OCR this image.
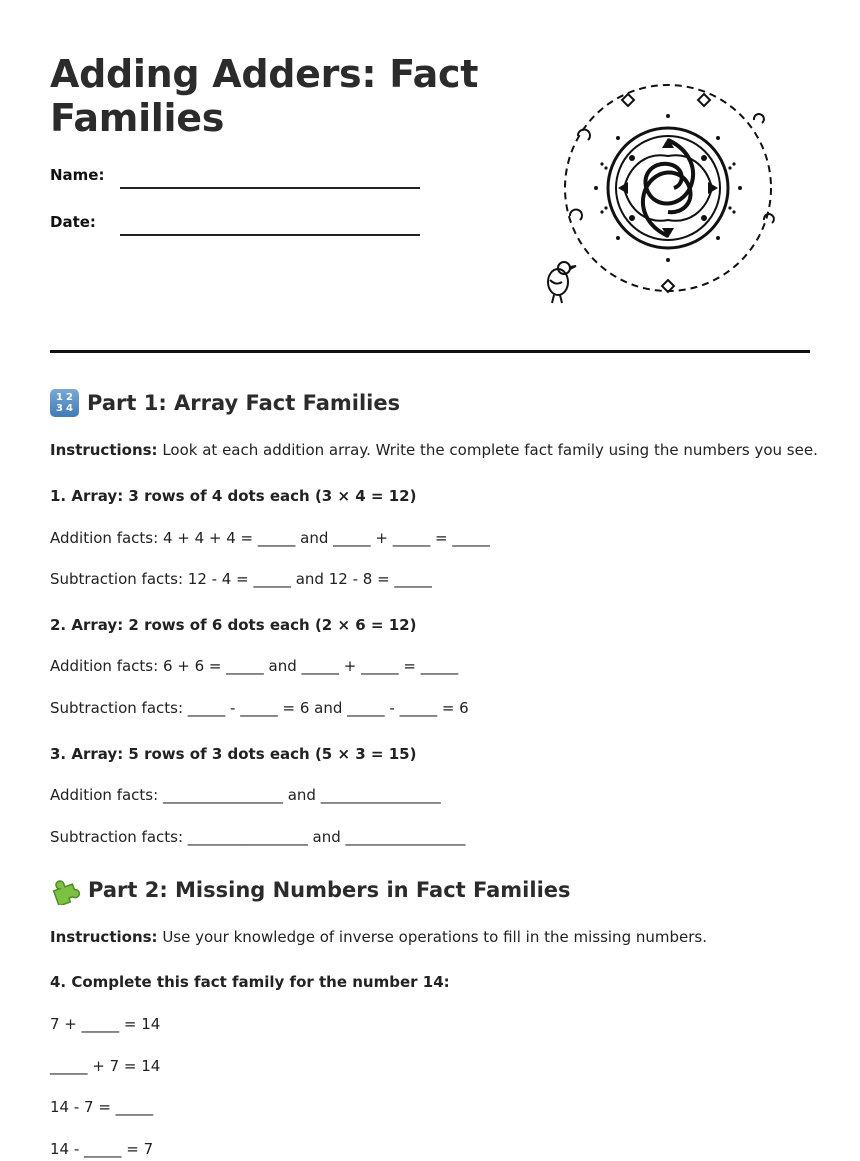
Adding Adders: Fact Families
Name:
Date:
1 2
3 4 Part 1: Array Fact Families
Instructions: Look at each addition array. Write the complete fact family using the numbers you see.
1. Array: 3 rows of 4 dots each (3 × 4 = 12)
Addition facts: 4 + 4 + 4 = _____ and _____ + _____ = _____
Subtraction facts: 12 - 4 = _____ and 12 - 8 = _____
2. Array: 2 rows of 6 dots each (2 × 6 = 12)
Addition facts: 6 + 6 = _____ and _____ + _____ = _____
Subtraction facts: _____ - _____ = 6 and _____ - _____ = 6
3. Array: 5 rows of 3 dots each (5 × 3 = 15)
Addition facts: ________________ and ________________
Subtraction facts: ________________ and ________________
Part 2: Missing Numbers in Fact Families
Instructions: Use your knowledge of inverse operations to fill in the missing numbers.
4. Complete this fact family for the number 14:
7 + _____ = 14
_____ + 7 = 14
14 - 7 = _____
14 - _____ = 7
